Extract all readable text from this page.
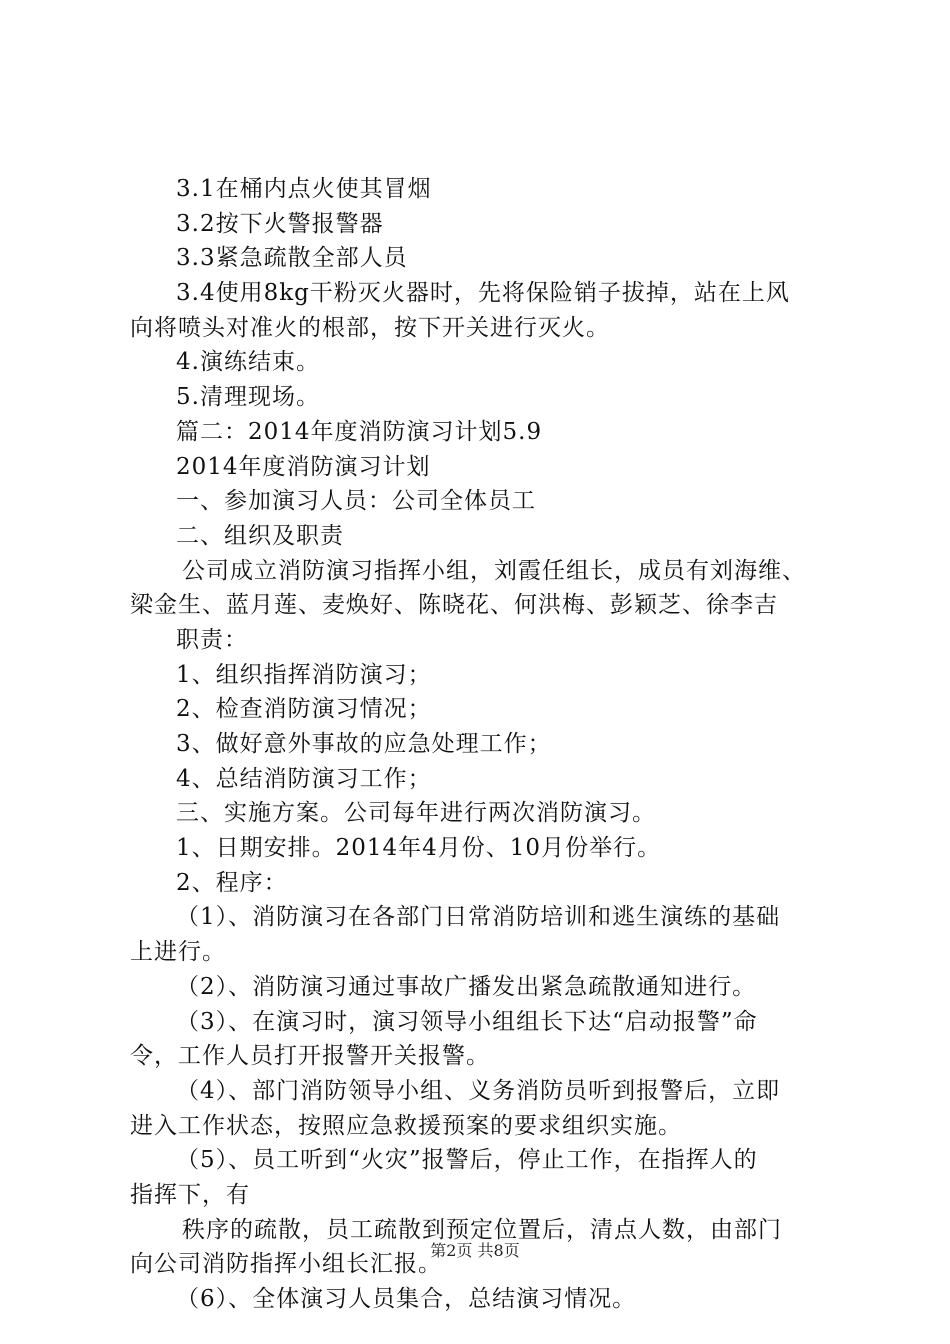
3.1在桶内点火使其冒烟
3.2按下火警报警器
3.3紧急疏散全部人员
3.4使用8kg干粉灭火器时，先将保险销子拔掉，站在上风
向将喷头对准火的根部，按下开关进行灭火。
4.演练结束。
5.清理现场。
篇二：2014年度消防演习计划5.9
2014年度消防演习计划
一、参加演习人员：公司全体员工
二、组织及职责
公司成立消防演习指挥小组，刘霞任组长，成员有刘海维、
梁金生、蓝月莲、麦焕好、陈晓花、何洪梅、彭颖芝、徐李吉
职责：
1、组织指挥消防演习；
2、检查消防演习情况；
3、做好意外事故的应急处理工作；
4、总结消防演习工作；
三、实施方案。公司每年进行两次消防演习。
1、日期安排。2014年4月份、10月份举行。
2、程序：
（1）、消防演习在各部门日常消防培训和逃生演练的基础
上进行。
（2）、消防演习通过事故广播发出紧急疏散通知进行。
（3）、在演习时，演习领导小组组长下达“启动报警”命
令，工作人员打开报警开关报警。
（4）、部门消防领导小组、义务消防员听到报警后，立即
进入工作状态，按照应急救援预案的要求组织实施。
（5）、员工听到“火灾”报警后，停止工作，在指挥人的
指挥下，有
秩序的疏散，员工疏散到预定位置后，清点人数，由部门
向公司消防指挥小组长汇报。
（6）、全体演习人员集合，总结演习情况。
第2页 共8页
